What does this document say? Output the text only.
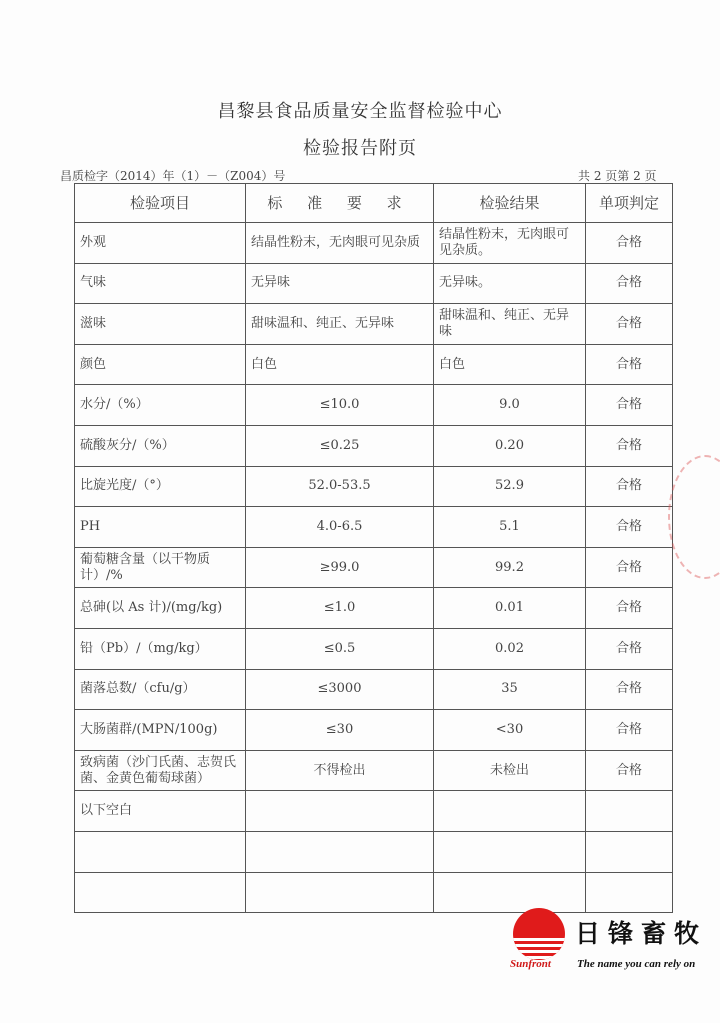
昌黎县食品质量安全监督检验中心
检验报告附页
昌质检字（2014）年（1）－（Z004）号	共 2 页第 2 页
检验项目	标 准 要 求	检验结果	单项判定
外观	结晶性粉末，无肉眼可见杂质	结晶性粉末，无肉眼可见杂质。	合格
气味	无异味	无异味。	合格
滋味	甜味温和、纯正、无异味	甜味温和、纯正、无异味	合格
颜色	白色	白色	合格
水分/（%）	≤10.0	9.0	合格
硫酸灰分/（%）	≤0.25	0.20	合格
比旋光度/（°）	52.0-53.5	52.9	合格
PH	4.0-6.5	5.1	合格
葡萄糖含量（以干物质计）/%	≥99.0	99.2	合格
总砷(以 As 计)/(mg/kg)	≤1.0	0.01	合格
铅（Pb）/（mg/kg）	≤0.5	0.02	合格
菌落总数/（cfu/g）	≤3000	35	合格
大肠菌群/(MPN/100g)	≤30	<30	合格
致病菌（沙门氏菌、志贺氏菌、金黄色葡萄球菌）	不得检出	未检出	合格
以下空白			

日锋畜牧
Sunfront The name you can rely on
